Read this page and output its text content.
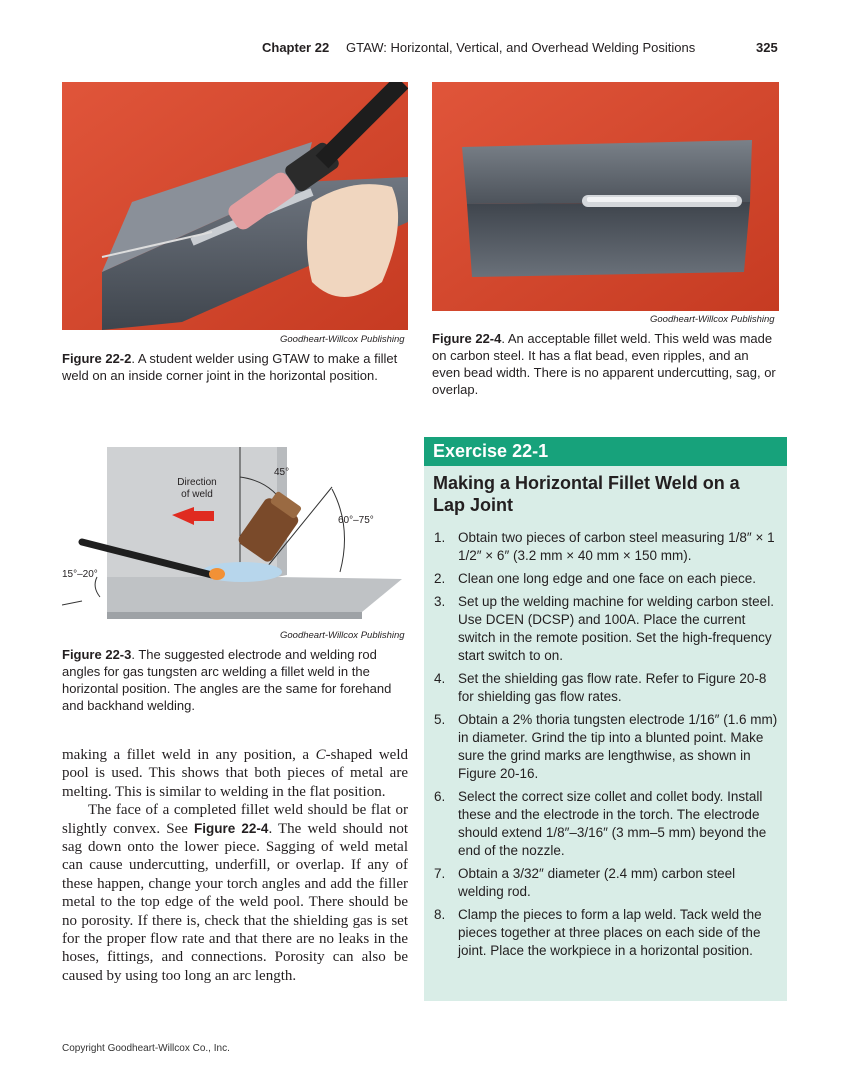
Chapter 22 GTAW: Horizontal, Vertical, and Overhead Welding Positions	325
Goodheart-Willcox Publishing
Figure 22-2. A student welder using GTAW to make a fillet weld on an inside corner joint in the horizontal position.
Goodheart-Willcox Publishing
Figure 22-4. An acceptable fillet weld. This weld was made on carbon steel. It has a flat bead, even ripples, and an even bead width. There is no apparent undercutting, sag, or overlap.
Direction
of weld
45°
60°–75°
15°–20°
Goodheart-Willcox Publishing
Figure 22-3. The suggested electrode and welding rod angles for gas tungsten arc welding a fillet weld in the horizontal position. The angles are the same for forehand and backhand welding.

making a fillet weld in any position, a C-shaped weld pool is used. This shows that both pieces of metal are melting. This is similar to welding in the flat position.

The face of a completed fillet weld should be flat or slightly convex. See Figure 22-4. The weld should not sag down onto the lower piece. Sagging of weld metal can cause undercutting, underfill, or overlap. If any of these happen, change your torch angles and add the filler metal to the top edge of the weld pool. There should be no porosity. If there is, check that the shielding gas is set for the proper flow rate and that there are no leaks in the hoses, fittings, and connections. Porosity can also be caused by using too long an arc length.

Exercise 22-1
Making a Horizontal Fillet Weld on a Lap Joint
1. Obtain two pieces of carbon steel measuring 1/8″ × 1 1/2″ × 6″ (3.2 mm × 40 mm × 150 mm).
2. Clean one long edge and one face on each piece.
3. Set up the welding machine for welding carbon steel. Use DCEN (DCSP) and 100A. Place the current switch in the remote position. Set the high-frequency start switch to on.
4. Set the shielding gas flow rate. Refer to Figure 20-8 for shielding gas flow rates.
5. Obtain a 2% thoria tungsten electrode 1/16″ (1.6 mm) in diameter. Grind the tip into a blunted point. Make sure the grind marks are lengthwise, as shown in Figure 20-16.
6. Select the correct size collet and collet body. Install these and the electrode in the torch. The electrode should extend 1/8″–3/16″ (3 mm–5 mm) beyond the end of the nozzle.
7. Obtain a 3/32″ diameter (2.4 mm) carbon steel welding rod.
8. Clamp the pieces to form a lap weld. Tack weld the pieces together at three places on each side of the joint. Place the workpiece in a horizontal position.
Copyright Goodheart-Willcox Co., Inc.
